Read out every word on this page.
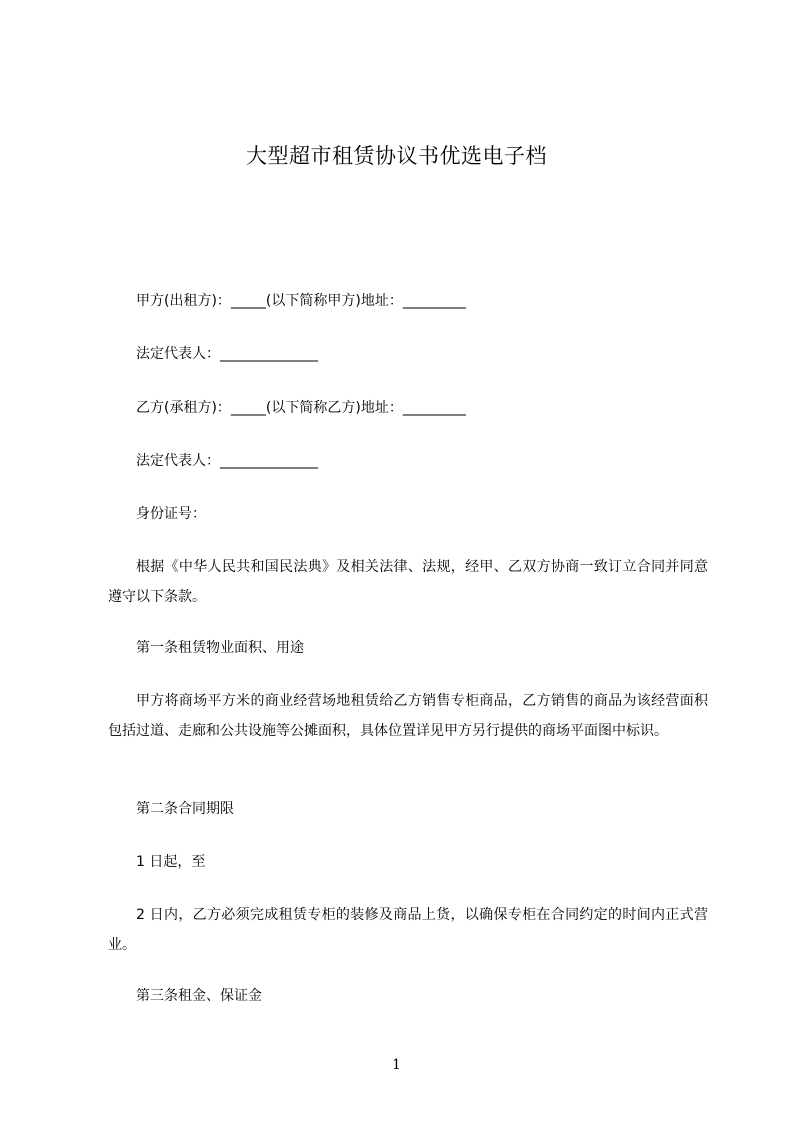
大型超市租赁协议书优选电子档
甲方(出租方)：_____(以下简称甲方)地址：_________
法定代表人：______________
乙方(承租方)：_____(以下简称乙方)地址：_________
法定代表人：______________
身份证号：
根据《中华人民共和国民法典》及相关法律、法规，经甲、乙双方协商一致订立合同并同意遵守以下条款。
第一条租赁物业面积、用途
甲方将商场平方米的商业经营场地租赁给乙方销售专柜商品，乙方销售的商品为该经营面积包括过道、走廊和公共设施等公摊面积，具体位置详见甲方另行提供的商场平面图中标识。
第二条合同期限
1 日起，至
2 日内，乙方必须完成租赁专柜的装修及商品上货，以确保专柜在合同约定的时间内正式营业。
第三条租金、保证金
1
